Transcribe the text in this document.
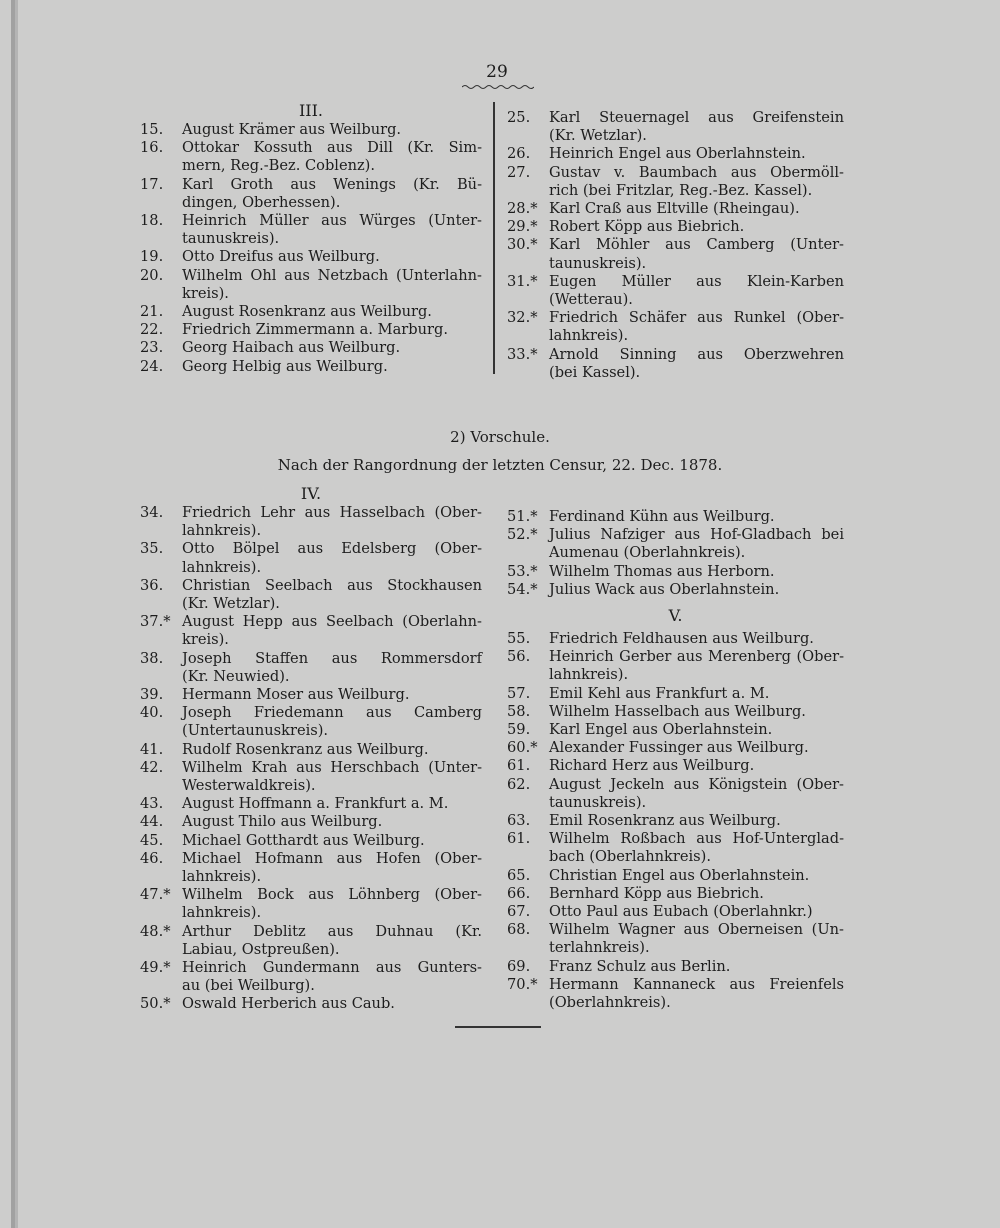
29
III.
15. August Krämer aus Weilburg.
16. Ottokar Kossuth aus Dill (Kr. Sim-
mern, Reg.-Bez. Coblenz).
17. Karl Groth aus Wenings (Kr. Bü-
dingen, Oberhessen).
18. Heinrich Müller aus Würges (Unter-
taunuskreis).
19. Otto Dreifus aus Weilburg.
20. Wilhelm Ohl aus Netzbach (Unterlahn-
kreis).
21. August Rosenkranz aus Weilburg.
22. Friedrich Zimmermann a. Marburg.
23. Georg Haibach aus Weilburg.
24. Georg Helbig aus Weilburg.
25. Karl Steuernagel aus Greifenstein
(Kr. Wetzlar).
26. Heinrich Engel aus Oberlahnstein.
27. Gustav v. Baumbach aus Obermöll-
rich (bei Fritzlar, Reg.-Bez. Kassel).
28.* Karl Craß aus Eltville (Rheingau).
29.* Robert Köpp aus Biebrich.
30.* Karl Möhler aus Camberg (Unter-
taunuskreis).
31.* Eugen Müller aus Klein-Karben
(Wetterau).
32.* Friedrich Schäfer aus Runkel (Ober-
lahnkreis).
33.* Arnold Sinning aus Oberzwehren
(bei Kassel).
2) Vorschule.
Nach der Rangordnung der letzten Censur, 22. Dec. 1878.
IV.
34. Friedrich Lehr aus Hasselbach (Ober-
lahnkreis).
35. Otto Bölpel aus Edelsberg (Ober-
lahnkreis).
36. Christian Seelbach aus Stockhausen
(Kr. Wetzlar).
37.* August Hepp aus Seelbach (Oberlahn-
kreis).
38. Joseph Staffen aus Rommersdorf
(Kr. Neuwied).
39. Hermann Moser aus Weilburg.
40. Joseph Friedemann aus Camberg
(Untertaunuskreis).
41. Rudolf Rosenkranz aus Weilburg.
42. Wilhelm Krah aus Herschbach (Unter-
Westerwaldkreis).
43. August Hoffmann a. Frankfurt a. M.
44. August Thilo aus Weilburg.
45. Michael Gotthardt aus Weilburg.
46. Michael Hofmann aus Hofen (Ober-
lahnkreis).
47.* Wilhelm Bock aus Löhnberg (Ober-
lahnkreis).
48.* Arthur Deblitz aus Duhnau (Kr.
Labiau, Ostpreußen).
49.* Heinrich Gundermann aus Gunters-
au (bei Weilburg).
50.* Oswald Herberich aus Caub.
51.* Ferdinand Kühn aus Weilburg.
52.* Julius Nafziger aus Hof-Gladbach bei
Aumenau (Oberlahnkreis).
53.* Wilhelm Thomas aus Herborn.
54.* Julius Wack aus Oberlahnstein.
V.
55. Friedrich Feldhausen aus Weilburg.
56. Heinrich Gerber aus Merenberg (Ober-
lahnkreis).
57. Emil Kehl aus Frankfurt a. M.
58. Wilhelm Hasselbach aus Weilburg.
59. Karl Engel aus Oberlahnstein.
60.* Alexander Fussinger aus Weilburg.
61. Richard Herz aus Weilburg.
62. August Jeckeln aus Königstein (Ober-
taunuskreis).
63. Emil Rosenkranz aus Weilburg.
61. Wilhelm Roßbach aus Hof-Unterglad-
bach (Oberlahnkreis).
65. Christian Engel aus Oberlahnstein.
66. Bernhard Köpp aus Biebrich.
67. Otto Paul aus Eubach (Oberlahnkr.)
68. Wilhelm Wagner aus Oberneisen (Un-
terlahnkreis).
69. Franz Schulz aus Berlin.
70.* Hermann Kannaneck aus Freienfels
(Oberlahnkreis).
